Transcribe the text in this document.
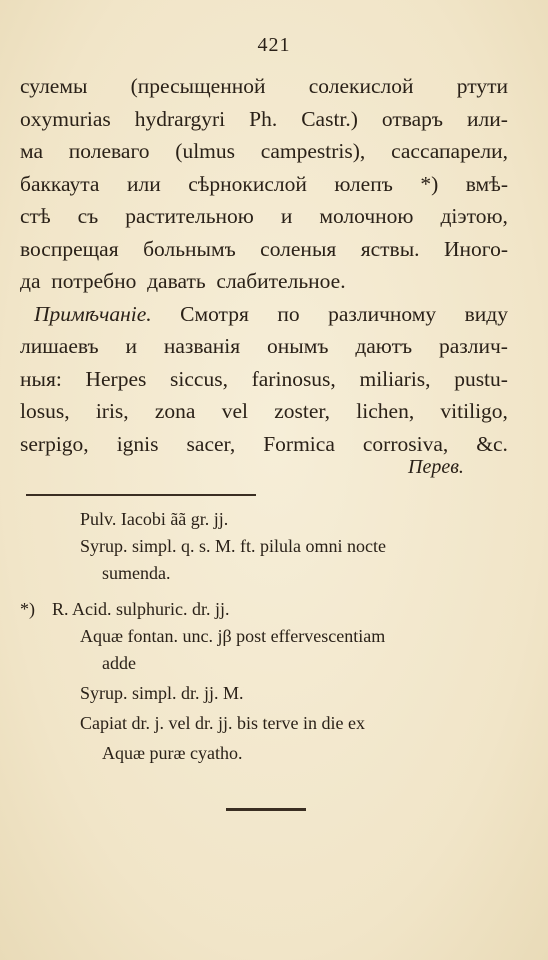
421
сулемы (пресыщенной солекислой ртути
oxymurias hydrargyri Ph. Castr.) отваръ или-
ма полеваго (ulmus campestris), сассапарели,
баккаута или сѣрнокислой юлепъ *) вмѣ-
стѣ съ растительною и молочною діэтою,
воспрещая больнымъ соленыя яствы. Иного-
да
потребно
давать
слабительное.
Примѣчаніе. Смотря по различному виду
лишаевъ и названія онымъ даютъ различ-
ныя: Herpes siccus, farinosus, miliaris, pustu-
losus, iris, zona vel zoster, lichen, vitiligo,
serpigo, ignis sacer, Formica corrosiva, &c.
Перев.
Pulv. Iacobi ãã gr. jj.
Syrup. simpl. q. s. M. ft. pilula omni nocte
sumenda.
*) R. Acid. sulphuric. dr. jj.
Aquæ fontan. unc. jβ post effervescentiam
adde
Syrup. simpl. dr. jj. M.
Capiat dr. j. vel dr. jj. bis terve in die ex
Aquæ puræ cyatho.
